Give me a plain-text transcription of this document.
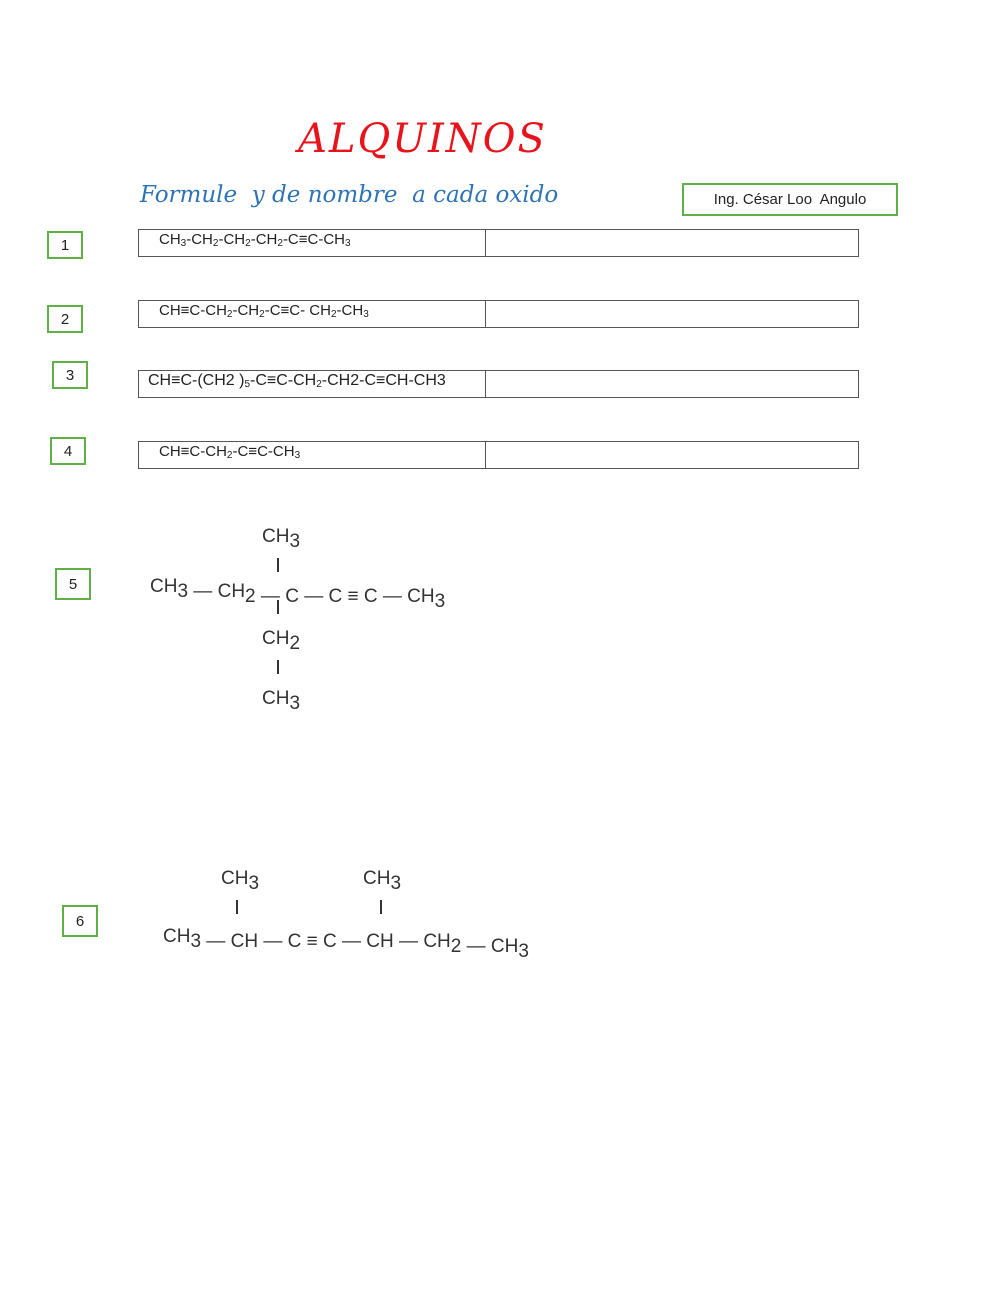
ALQUINOS
Formule  y de nombre  a cada oxido	Ing. César Loo  Angulo
1	$CH_3-CH_2-CH_2-CH_2-C\equiv C-CH_3$
2	$CH\equiv C-CH_2-CH_2-C\equiv C-$ $CH_2-CH_3$
3	CH≡C-(CH2 )$_5-C\equiv C-CH_2-CH2-C\equiv CH-CH3$
4	$CH\equiv C-CH_2-C\equiv C-CH_3$
5
CH3
CH3 — CH2 — C — C ≡ C — CH3
CH2
CH3
6
CH3	CH3
CH3 — CH — C ≡ C — CH — CH2 — CH3
